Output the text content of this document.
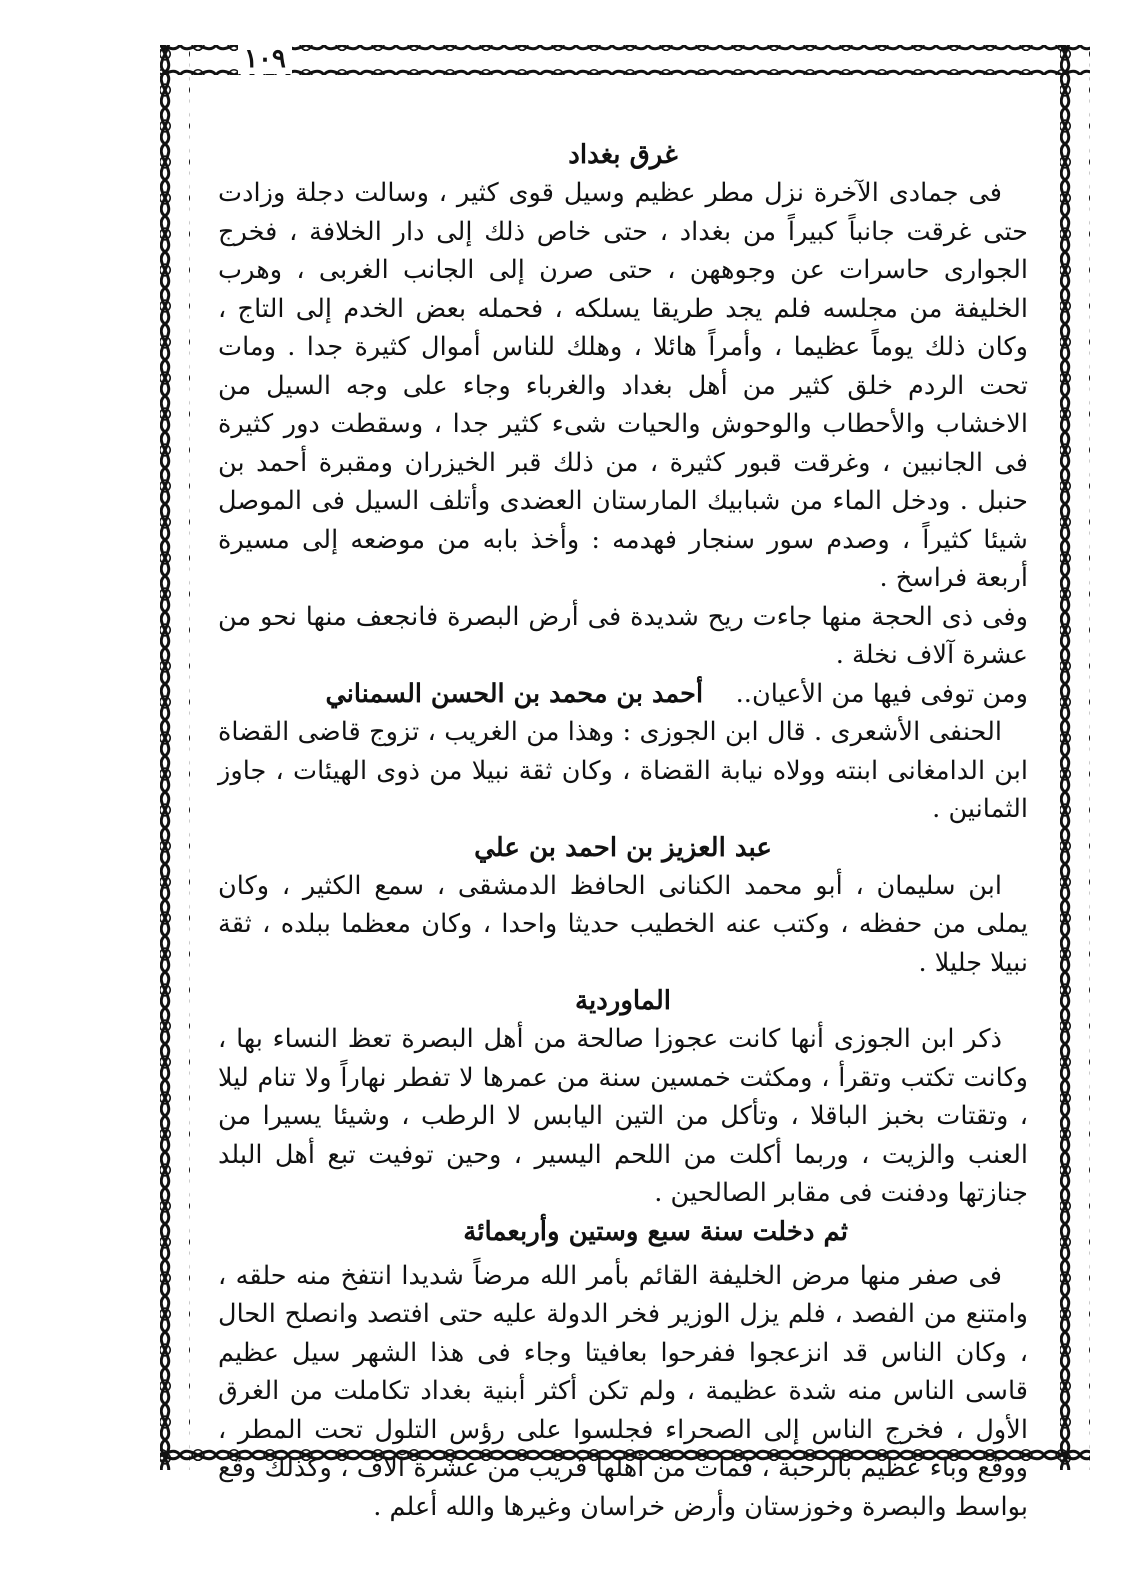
١٠٩

غرق بغداد

فى جمادى الآخرة نزل مطر عظيم وسيل قوى كثير ، وسالت دجلة وزادت حتى غرقت جانباً كبيراً من بغداد ، حتى خاص ذلك إلى دار الخلافة ، فخرج الجوارى حاسرات عن وجوههن ، حتى صرن إلى الجانب الغربى ، وهرب الخليفة من مجلسه فلم يجد طريقا يسلكه ، فحمله بعض الخدم إلى التاج ، وكان ذلك يوماً عظيما ، وأمراً هائلا ، وهلك للناس أموال كثيرة جدا . ومات تحت الردم خلق كثير من أهل بغداد والغرباء وجاء على وجه السيل من الاخشاب والأحطاب والوحوش والحيات شىء كثير جدا ، وسقطت دور كثيرة فى الجانبين ، وغرقت قبور كثيرة ، من ذلك قبر الخيزران ومقبرة أحمد بن حنبل . ودخل الماء من شبابيك المارستان العضدى وأتلف السيل فى الموصل شيئا كثيراً ، وصدم سور سنجار فهدمه : وأخذ بابه من موضعه إلى مسيرة أربعة فراسخ .

وفى ذى الحجة منها جاءت ريح شديدة فى أرض البصرة فانجعف منها نحو من عشرة آلاف نخلة .

ومن توفى فيها من الأعيان..    أحمد بن محمد بن الحسن السمناني

الحنفى الأشعرى . قال ابن الجوزى : وهذا من الغريب ، تزوج قاضى القضاة ابن الدامغانى ابنته وولاه نيابة القضاة ، وكان ثقة نبيلا من ذوى الهيئات ، جاوز الثمانين .

عبد العزيز بن احمد بن علي

ابن سليمان ، أبو محمد الكنانى الحافظ الدمشقى ، سمع الكثير ، وكان يملى من حفظه ، وكتب عنه الخطيب حديثا واحدا ، وكان معظما ببلده ، ثقة نبيلا جليلا .

الماوردية

ذكر ابن الجوزى أنها كانت عجوزا صالحة من أهل البصرة تعظ النساء بها ، وكانت تكتب وتقرأ ، ومكثت خمسين سنة من عمرها لا تفطر نهاراً ولا تنام ليلا ، وتقتات بخبز الباقلا ، وتأكل من التين اليابس لا الرطب ، وشيئا يسيرا من العنب والزيت ، وربما أكلت من اللحم اليسير ، وحين توفيت تبع أهل البلد جنازتها ودفنت فى مقابر الصالحين .

ثم دخلت سنة سبع وستين وأربعمائة

فى صفر منها مرض الخليفة القائم بأمر الله مرضاً شديدا انتفخ منه حلقه ، وامتنع من الفصد ، فلم يزل الوزير فخر الدولة عليه حتى افتصد وانصلح الحال ، وكان الناس قد انزعجوا ففرحوا بعافيتا وجاء فى هذا الشهر سيل عظيم قاسى الناس منه شدة عظيمة ، ولم تكن أكثر أبنية بغداد تكاملت من الغرق الأول ، فخرج الناس إلى الصحراء فجلسوا على رؤس التلول تحت المطر ، ووقع وباء عظيم بالرحبة ، فمات من أهلها قريب من عشرة آلاف ، وكذلك وقع بواسط والبصرة وخوزستان وأرض خراسان وغيرها والله أعلم .
